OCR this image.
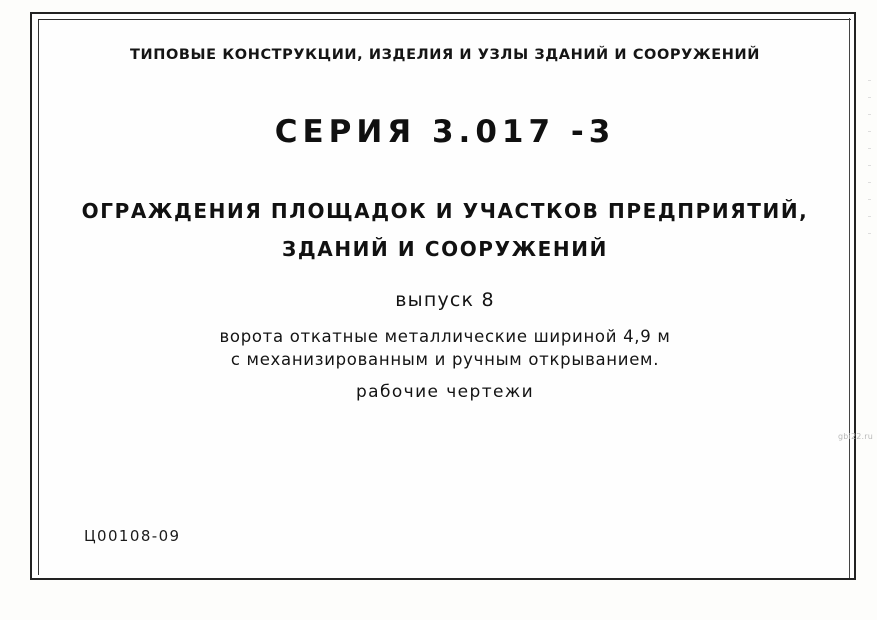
ТИПОВЫЕ КОНСТРУКЦИИ, ИЗДЕЛИЯ И УЗЛЫ ЗДАНИЙ И СООРУЖЕНИЙ
СЕРИЯ 3.017 -3
ОГРАЖДЕНИЯ ПЛОЩАДОК И УЧАСТКОВ ПРЕДПРИЯТИЙ,
ЗДАНИЙ И СООРУЖЕНИЙ
выпуск 8
ворота откатные металлические шириной 4,9 м
с механизированным и ручным открыванием.
рабочие чертежи
Ц00108-09
gbi22.ru
